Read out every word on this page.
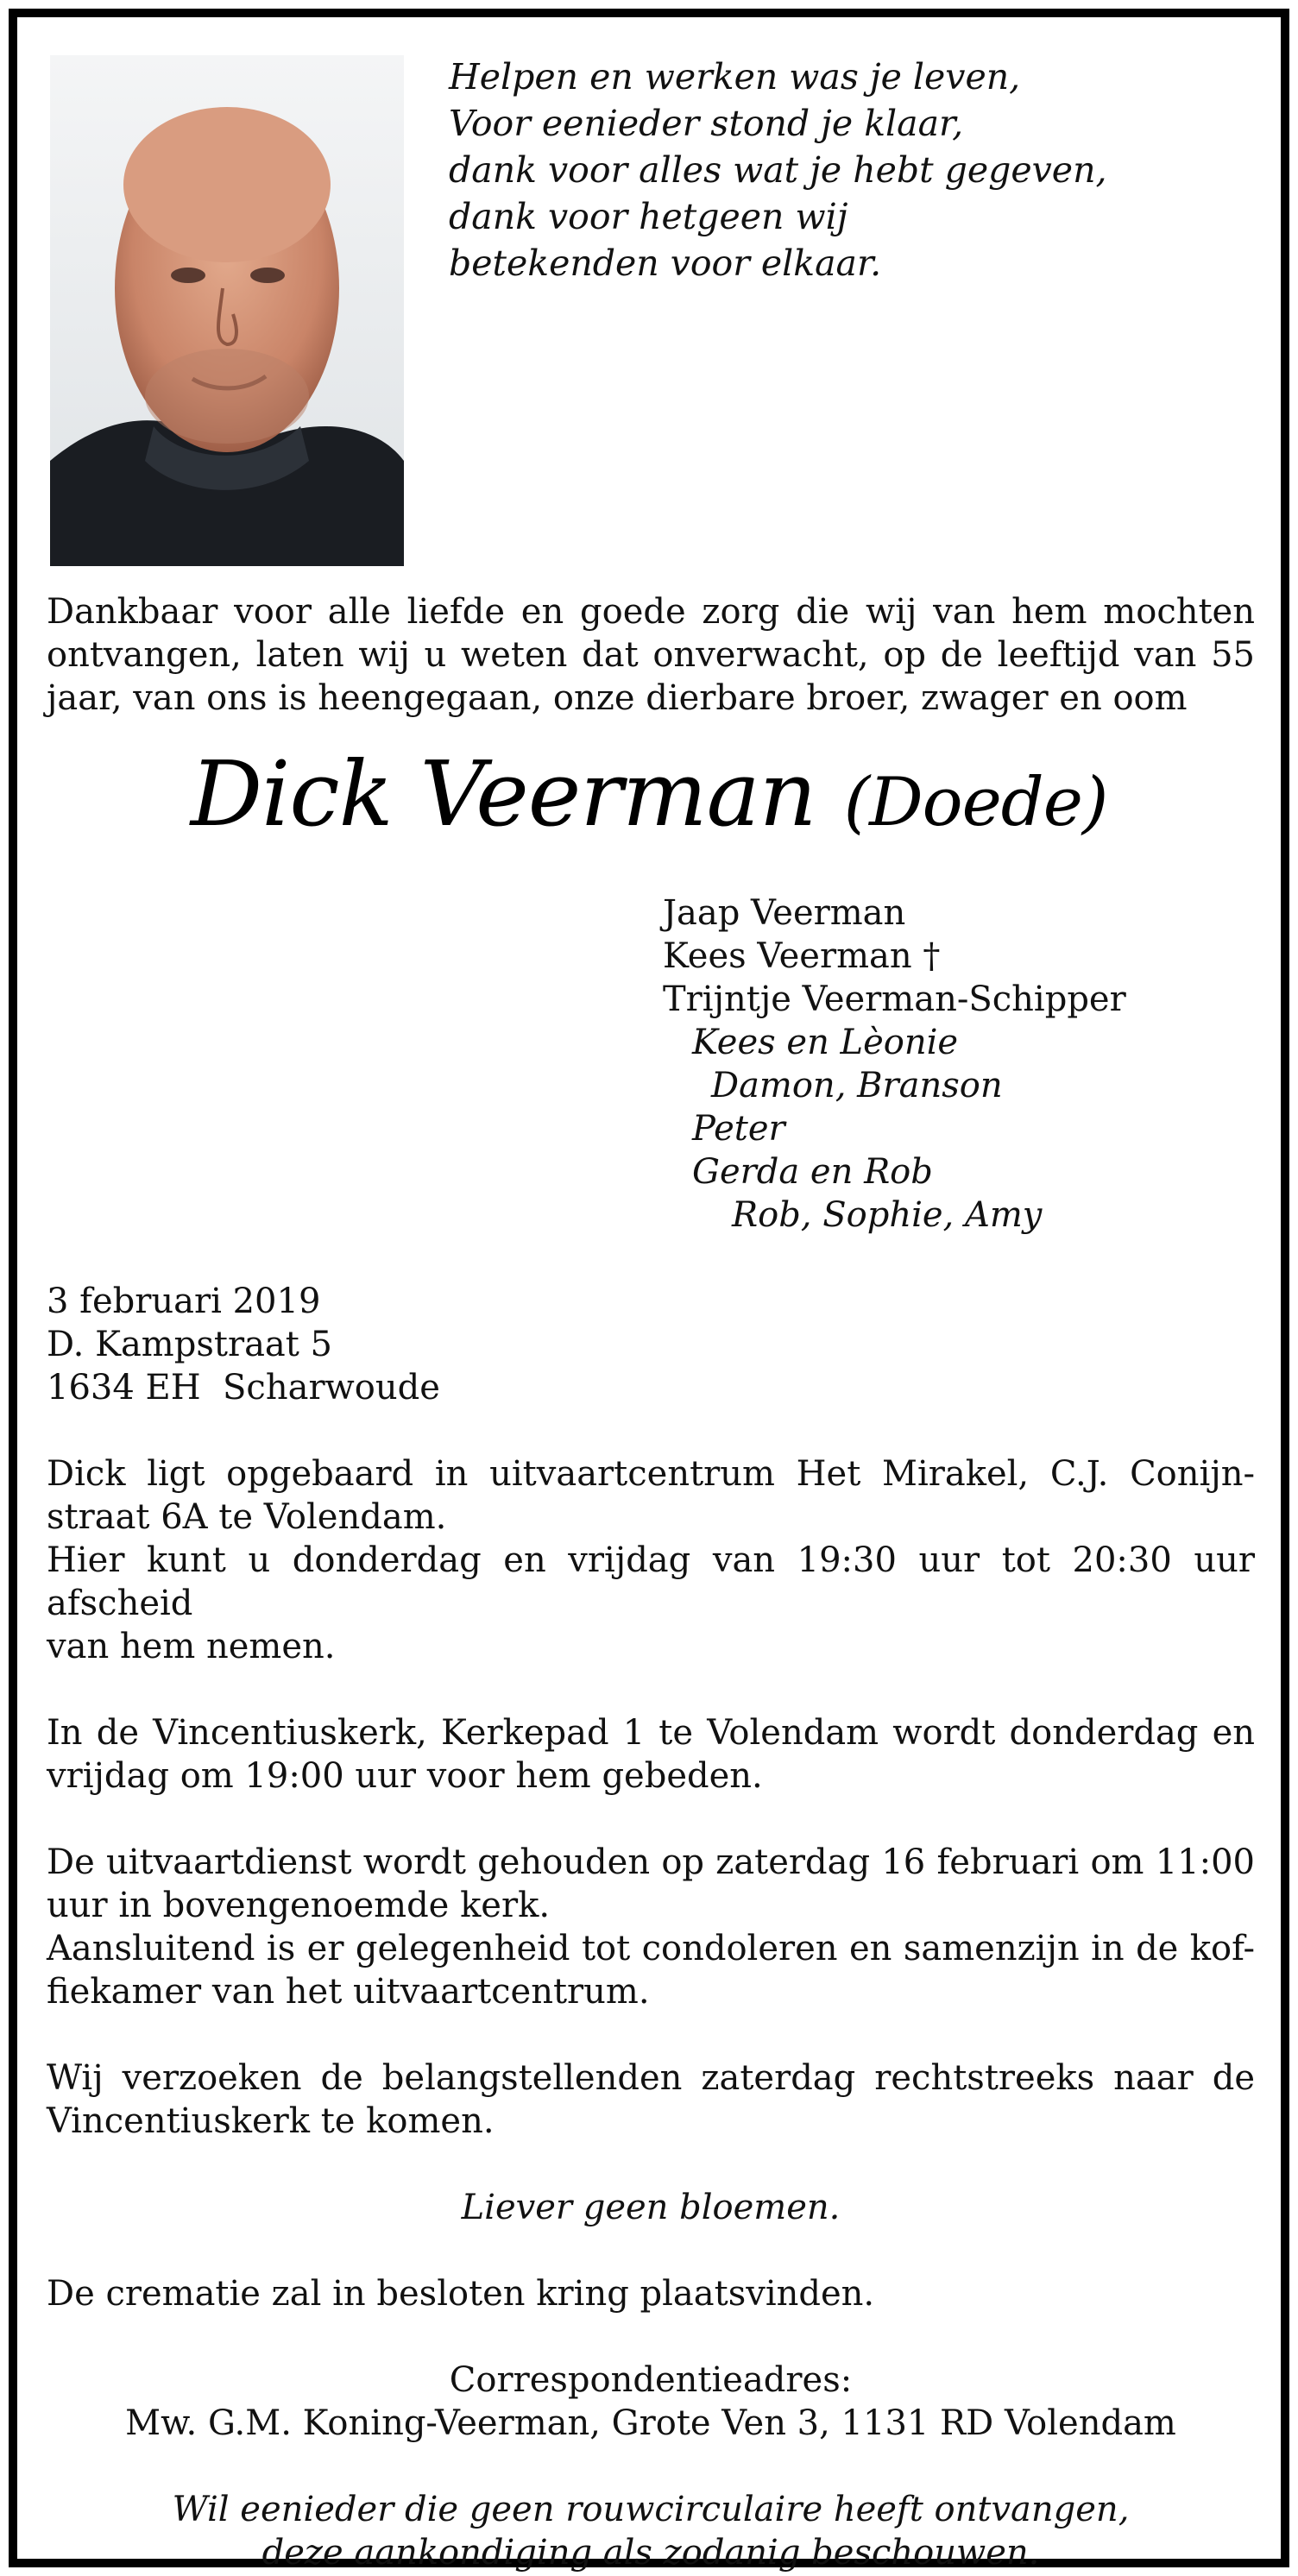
Helpen en werken was je leven,
Voor eenieder stond je klaar,
dank voor alles wat je hebt gegeven,
dank voor hetgeen wij
betekenden voor elkaar.
Dankbaar voor alle liefde en goede zorg die wij van hem mochten
ontvangen, laten wij u weten dat onverwacht, op de leeftijd van 55
jaar, van ons is heengegaan, onze dierbare broer, zwager en oom
Dick Veerman (Doede)
Jaap Veerman
Kees Veerman †
Trijntje Veerman-Schipper
Kees en Lèonie
Damon, Branson
Peter
Gerda en Rob
Rob, Sophie, Amy
3 februari 2019
D. Kampstraat 5
1634 EH  Scharwoude
Dick ligt opgebaard in uitvaartcentrum Het Mirakel, C.J. Conijn-
straat 6A te Volendam.
Hier kunt u donderdag en vrijdag van 19:30 uur tot 20:30 uur afscheid
van hem nemen.
In de Vincentiuskerk, Kerkepad 1 te Volendam wordt donderdag en
vrijdag om 19:00 uur voor hem gebeden.
De uitvaartdienst wordt gehouden op zaterdag 16 februari om 11:00
uur in bovengenoemde kerk.
Aansluitend is er gelegenheid tot condoleren en samenzijn in de kof-
fiekamer van het uitvaartcentrum.
Wij verzoeken de belangstellenden zaterdag rechtstreeks naar de
Vincentiuskerk te komen.
Liever geen bloemen.
De crematie zal in besloten kring plaatsvinden.
Correspondentieadres:
Mw. G.M. Koning-Veerman, Grote Ven 3, 1131 RD Volendam
Wil eenieder die geen rouwcirculaire heeft ontvangen,
deze aankondiging als zodanig beschouwen.
